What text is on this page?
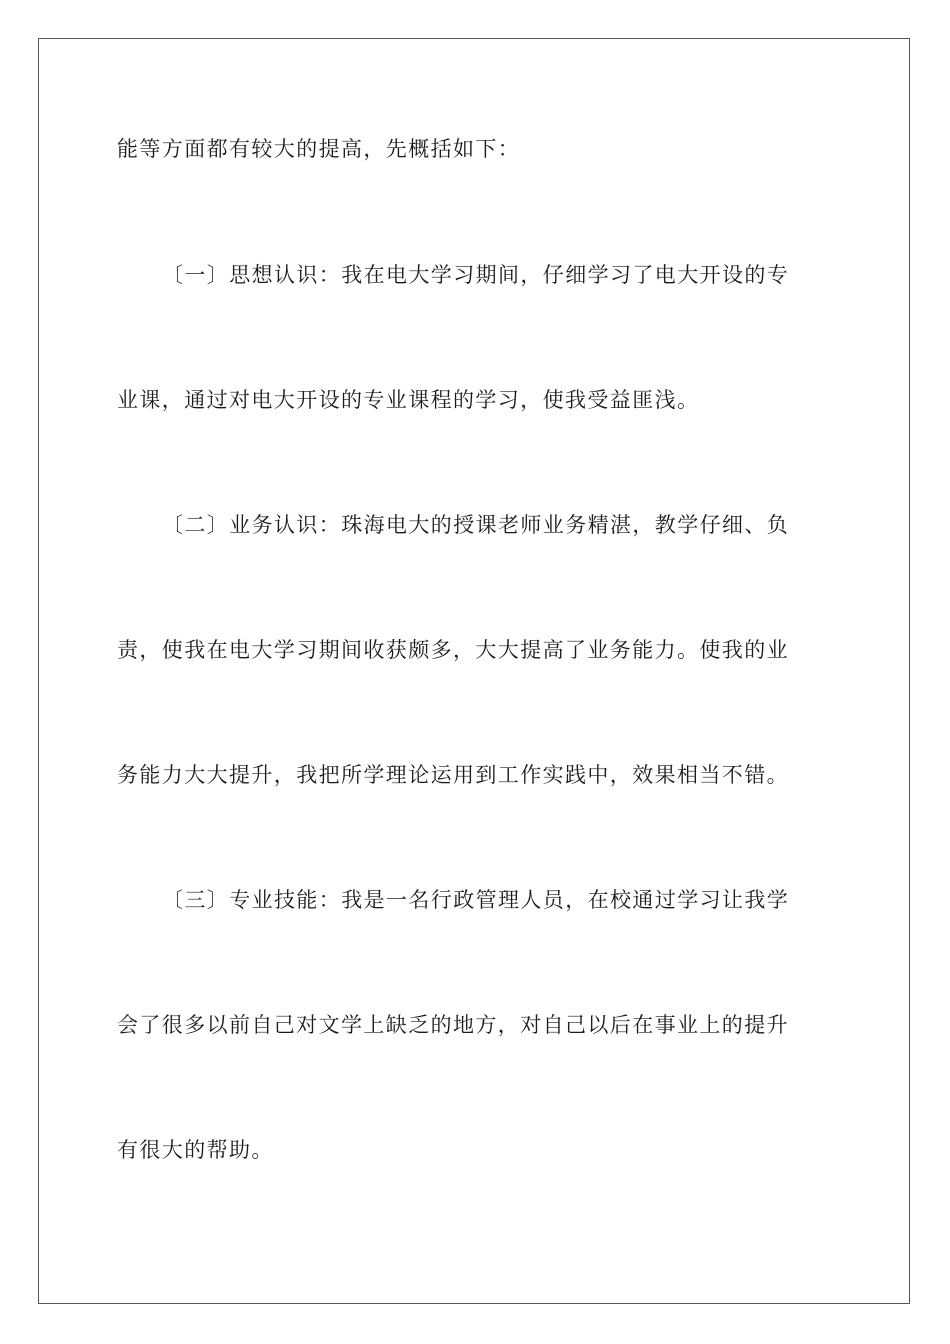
能等方面都有较大的提高，先概括如下：
〔一〕思想认识：我在电大学习期间，仔细学习了电大开设的专
业课，通过对电大开设的专业课程的学习，使我受益匪浅。
〔二〕业务认识：珠海电大的授课老师业务精湛，教学仔细、负
责，使我在电大学习期间收获颇多，大大提高了业务能力。使我的业
务能力大大提升，我把所学理论运用到工作实践中，效果相当不错。
〔三〕专业技能：我是一名行政管理人员，在校通过学习让我学
会了很多以前自己对文学上缺乏的地方，对自己以后在事业上的提升
有很大的帮助。
